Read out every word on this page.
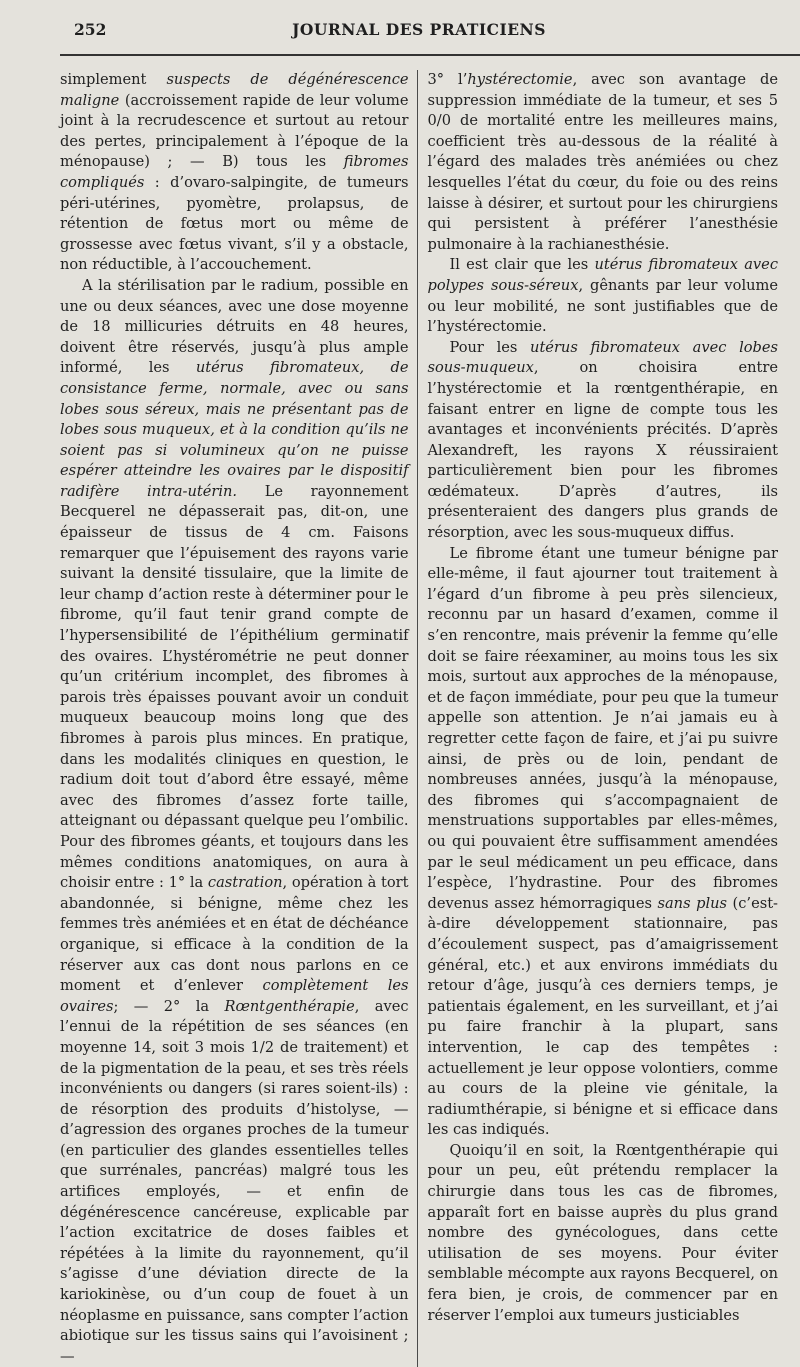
252	JOURNAL DES PRATICIENS

simplement suspects de dégénérescence maligne (accroissement rapide de leur volume joint à la recrudescence et surtout au retour des pertes, principalement à l’époque de la ménopause) ; — B) tous les fibromes compliqués : d’ovaro-salpingite, de tumeurs péri-utérines, pyomètre, prolapsus, de rétention de fœtus mort ou même de grossesse avec fœtus vivant, s’il y a obstacle, non réductible, à l’accouchement.

A la stérilisation par le radium, possible en une ou deux séances, avec une dose moyenne de 18 millicuries détruits en 48 heures, doivent être réservés, jusqu’à plus ample informé, les utérus fibromateux, de consistance ferme, normale, avec ou sans lobes sous séreux, mais ne présentant pas de lobes sous muqueux, et à la condition qu’ils ne soient pas si volumineux qu’on ne puisse espérer atteindre les ovaires par le dispositif radifère intra-utérin. Le rayonnement Becquerel ne dépasserait pas, dit-on, une épaisseur de tissus de 4 cm. Faisons remarquer que l’épuisement des rayons varie suivant la densité tissulaire, que la limite de leur champ d’action reste à déterminer pour le fibrome, qu’il faut tenir grand compte de l’hypersensibilité de l’épithélium germinatif des ovaires. L’hystérométrie ne peut donner qu’un critérium incomplet, des fibromes à parois très épaisses pouvant avoir un conduit muqueux beaucoup moins long que des fibromes à parois plus minces. En pratique, dans les modalités cliniques en question, le radium doit tout d’abord être essayé, même avec des fibromes d’assez forte taille, atteignant ou dépassant quelque peu l’ombilic. Pour des fibromes géants, et toujours dans les mêmes conditions anatomiques, on aura à choisir entre : 1° la castration, opération à tort abandonnée, si bénigne, même chez les femmes très anémiées et en état de déchéance organique, si efficace à la condition de la réserver aux cas dont nous parlons en ce moment et d’enlever complètement les ovaires; — 2° la Rœntgenthérapie, avec l’ennui de la répétition de ses séances (en moyenne 14, soit 3 mois 1/2 de traitement) et de la pigmentation de la peau, et ses très réels inconvénients ou dangers (si rares soient-ils) : de résorption des produits d’histolyse, — d’agression des organes proches de la tumeur (en particulier des glandes essentielles telles que surrénales, pancréas) malgré tous les artifices employés, — et enfin de dégénérescence cancéreuse, explicable par l’action excitatrice de doses faibles et répétées à la limite du rayonnement, qu’il s’agisse d’une déviation directe de la kariokinèse, ou d’un coup de fouet à un néoplasme en puissance, sans compter l’action abiotique sur les tissus sains qui l’avoisinent ; —

3° l’hystérectomie, avec son avantage de suppression immédiate de la tumeur, et ses 5 0/0 de mortalité entre les meilleures mains, coefficient très au-dessous de la réalité à l’égard des malades très anémiées ou chez lesquelles l’état du cœur, du foie ou des reins laisse à désirer, et surtout pour les chirurgiens qui persistent à préférer l’anesthésie pulmonaire à la rachianesthésie.

Il est clair que les utérus fibromateux avec polypes sous-séreux, gênants par leur volume ou leur mobilité, ne sont justifiables que de l’hystérectomie.

Pour les utérus fibromateux avec lobes sous-muqueux, on choisira entre l’hystérectomie et la rœntgenthérapie, en faisant entrer en ligne de compte tous les avantages et inconvénients précités. D’après Alexandreft, les rayons X réussiraient particulièrement bien pour les fibromes œdémateux. D’après d’autres, ils présenteraient des dangers plus grands de résorption, avec les sous-muqueux diffus.

Le fibrome étant une tumeur bénigne par elle-même, il faut ajourner tout traitement à l’égard d’un fibrome à peu près silencieux, reconnu par un hasard d’examen, comme il s’en rencontre, mais prévenir la femme qu’elle doit se faire réexaminer, au moins tous les six mois, surtout aux approches de la ménopause, et de façon immédiate, pour peu que la tumeur appelle son attention. Je n’ai jamais eu à regretter cette façon de faire, et j’ai pu suivre ainsi, de près ou de loin, pendant de nombreuses années, jusqu’à la ménopause, des fibromes qui s’accompagnaient de menstruations supportables par elles-mêmes, ou qui pouvaient être suffisamment amendées par le seul médicament un peu efficace, dans l’espèce, l’hydrastine. Pour des fibromes devenus assez hémorragiques sans plus (c’est-à-dire développement stationnaire, pas d’écoulement suspect, pas d’amaigrissement général, etc.) et aux environs immédiats du retour d’âge, jusqu’à ces derniers temps, je patientais également, en les surveillant, et j’ai pu faire franchir à la plupart, sans intervention, le cap des tempêtes : actuellement je leur oppose volontiers, comme au cours de la pleine vie génitale, la radiumthérapie, si bénigne et si efficace dans les cas indiqués.

Quoiqu’il en soit, la Rœntgenthérapie qui pour un peu, eût prétendu remplacer la chirurgie dans tous les cas de fibromes, apparaît fort en baisse auprès du plus grand nombre des gynécologues, dans cette utilisation de ses moyens. Pour éviter semblable mécompte aux rayons Becquerel, on fera bien, je crois, de commencer par en réserver l’emploi aux tumeurs justiciables
